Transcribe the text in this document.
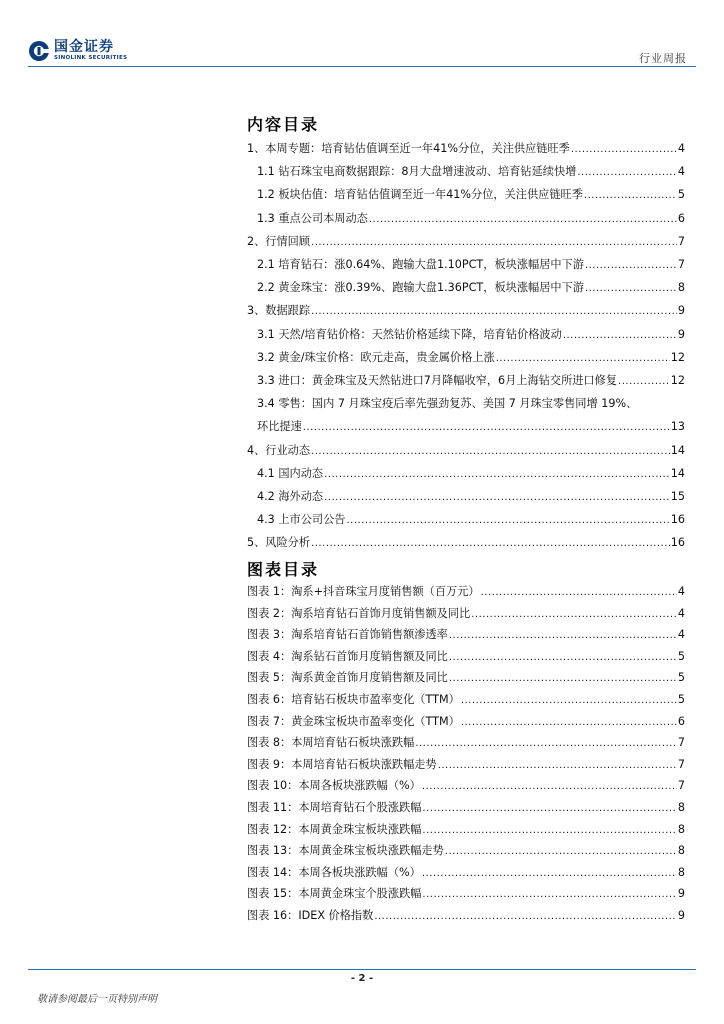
国金证券
SINOLINK SECURITIES	行业周报
内容目录
1、本周专题：培育钻估值调至近一年41%分位，关注供应链旺季 .....	4
1.1 钻石珠宝电商数据跟踪：8月大盘增速波动、培育钻延续快增 .....	4
1.2 板块估值：培育钻估值调至近一年41%分位，关注供应链旺季 .....	5
1.3 重点公司本周动态 .....	6
2、行情回顾 .....	7
2.1 培育钻石：涨0.64%、跑输大盘1.10PCT，板块涨幅居中下游 .....	7
2.2 黄金珠宝：涨0.39%、跑输大盘1.36PCT，板块涨幅居中下游 .....	8
3、数据跟踪 .....	9
3.1 天然/培育钻价格：天然钻价格延续下降，培育钻价格波动 .....	9
3.2 黄金/珠宝价格：欧元走高，贵金属价格上涨 .....	12
3.3 进口：黄金珠宝及天然钻进口7月降幅收窄，6月上海钻交所进口修复 .....	12
3.4 零售：国内 7 月珠宝疫后率先强劲复苏、美国 7 月珠宝零售同增 19%、
环比提速 .....	13
4、行业动态 .....	14
4.1 国内动态 .....	14
4.2 海外动态 .....	15
4.3 上市公司公告 .....	16
5、风险分析 .....	16
图表目录
图表 1：淘系+抖音珠宝月度销售额（百万元） .....	4
图表 2：淘系培育钻石首饰月度销售额及同比 .....	4
图表 3：淘系培育钻石首饰销售额渗透率 .....	4
图表 4：淘系钻石首饰月度销售额及同比 .....	5
图表 5：淘系黄金首饰月度销售额及同比 .....	5
图表 6：培育钻石板块市盈率变化（TTM） .....	5
图表 7：黄金珠宝板块市盈率变化（TTM） .....	6
图表 8：本周培育钻石板块涨跌幅 .....	7
图表 9：本周培育钻石板块涨跌幅走势 .....	7
图表 10：本周各板块涨跌幅（%） .....	7
图表 11：本周培育钻石个股涨跌幅 .....	8
图表 12：本周黄金珠宝板块涨跌幅 .....	8
图表 13：本周黄金珠宝板块涨跌幅走势 .....	8
图表 14：本周各板块涨跌幅（%） .....	8
图表 15：本周黄金珠宝个股涨跌幅 .....	9
图表 16：IDEX 价格指数 .....	9
- 2 -
敬请参阅最后一页特别声明
